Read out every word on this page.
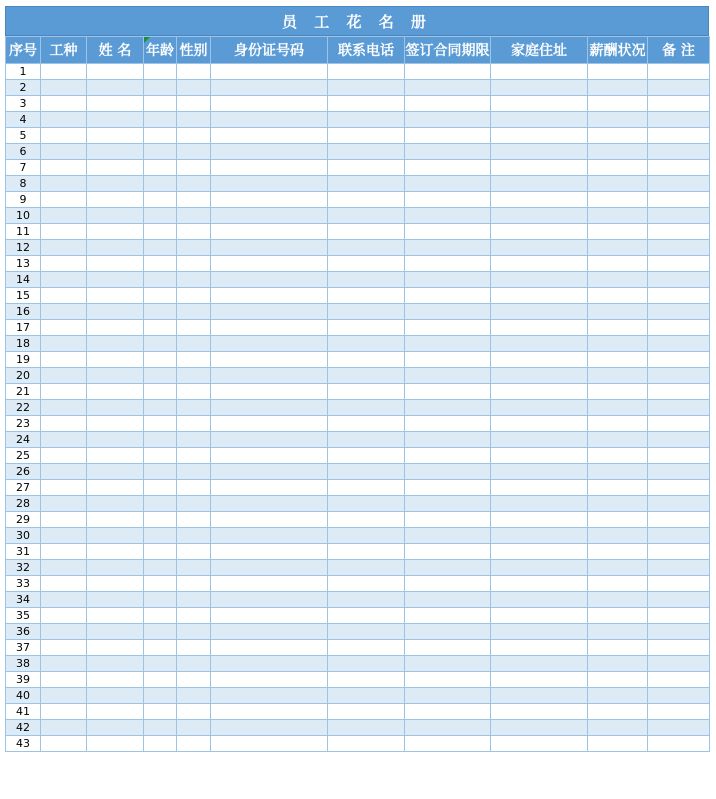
员 工 花 名 册
序号	工种	姓 名	年龄	性别	身份证号码	联系电话	签订合同期限	家庭住址	薪酬状况	备 注
1										
2										
3										
4										
5										
6										
7										
8										
9										
10										
11										
12										
13										
14										
15										
16										
17										
18										
19										
20										
21										
22										
23										
24										
25										
26										
27										
28										
29										
30										
31										
32										
33										
34										
35										
36										
37										
38										
39										
40										
41										
42										
43										
